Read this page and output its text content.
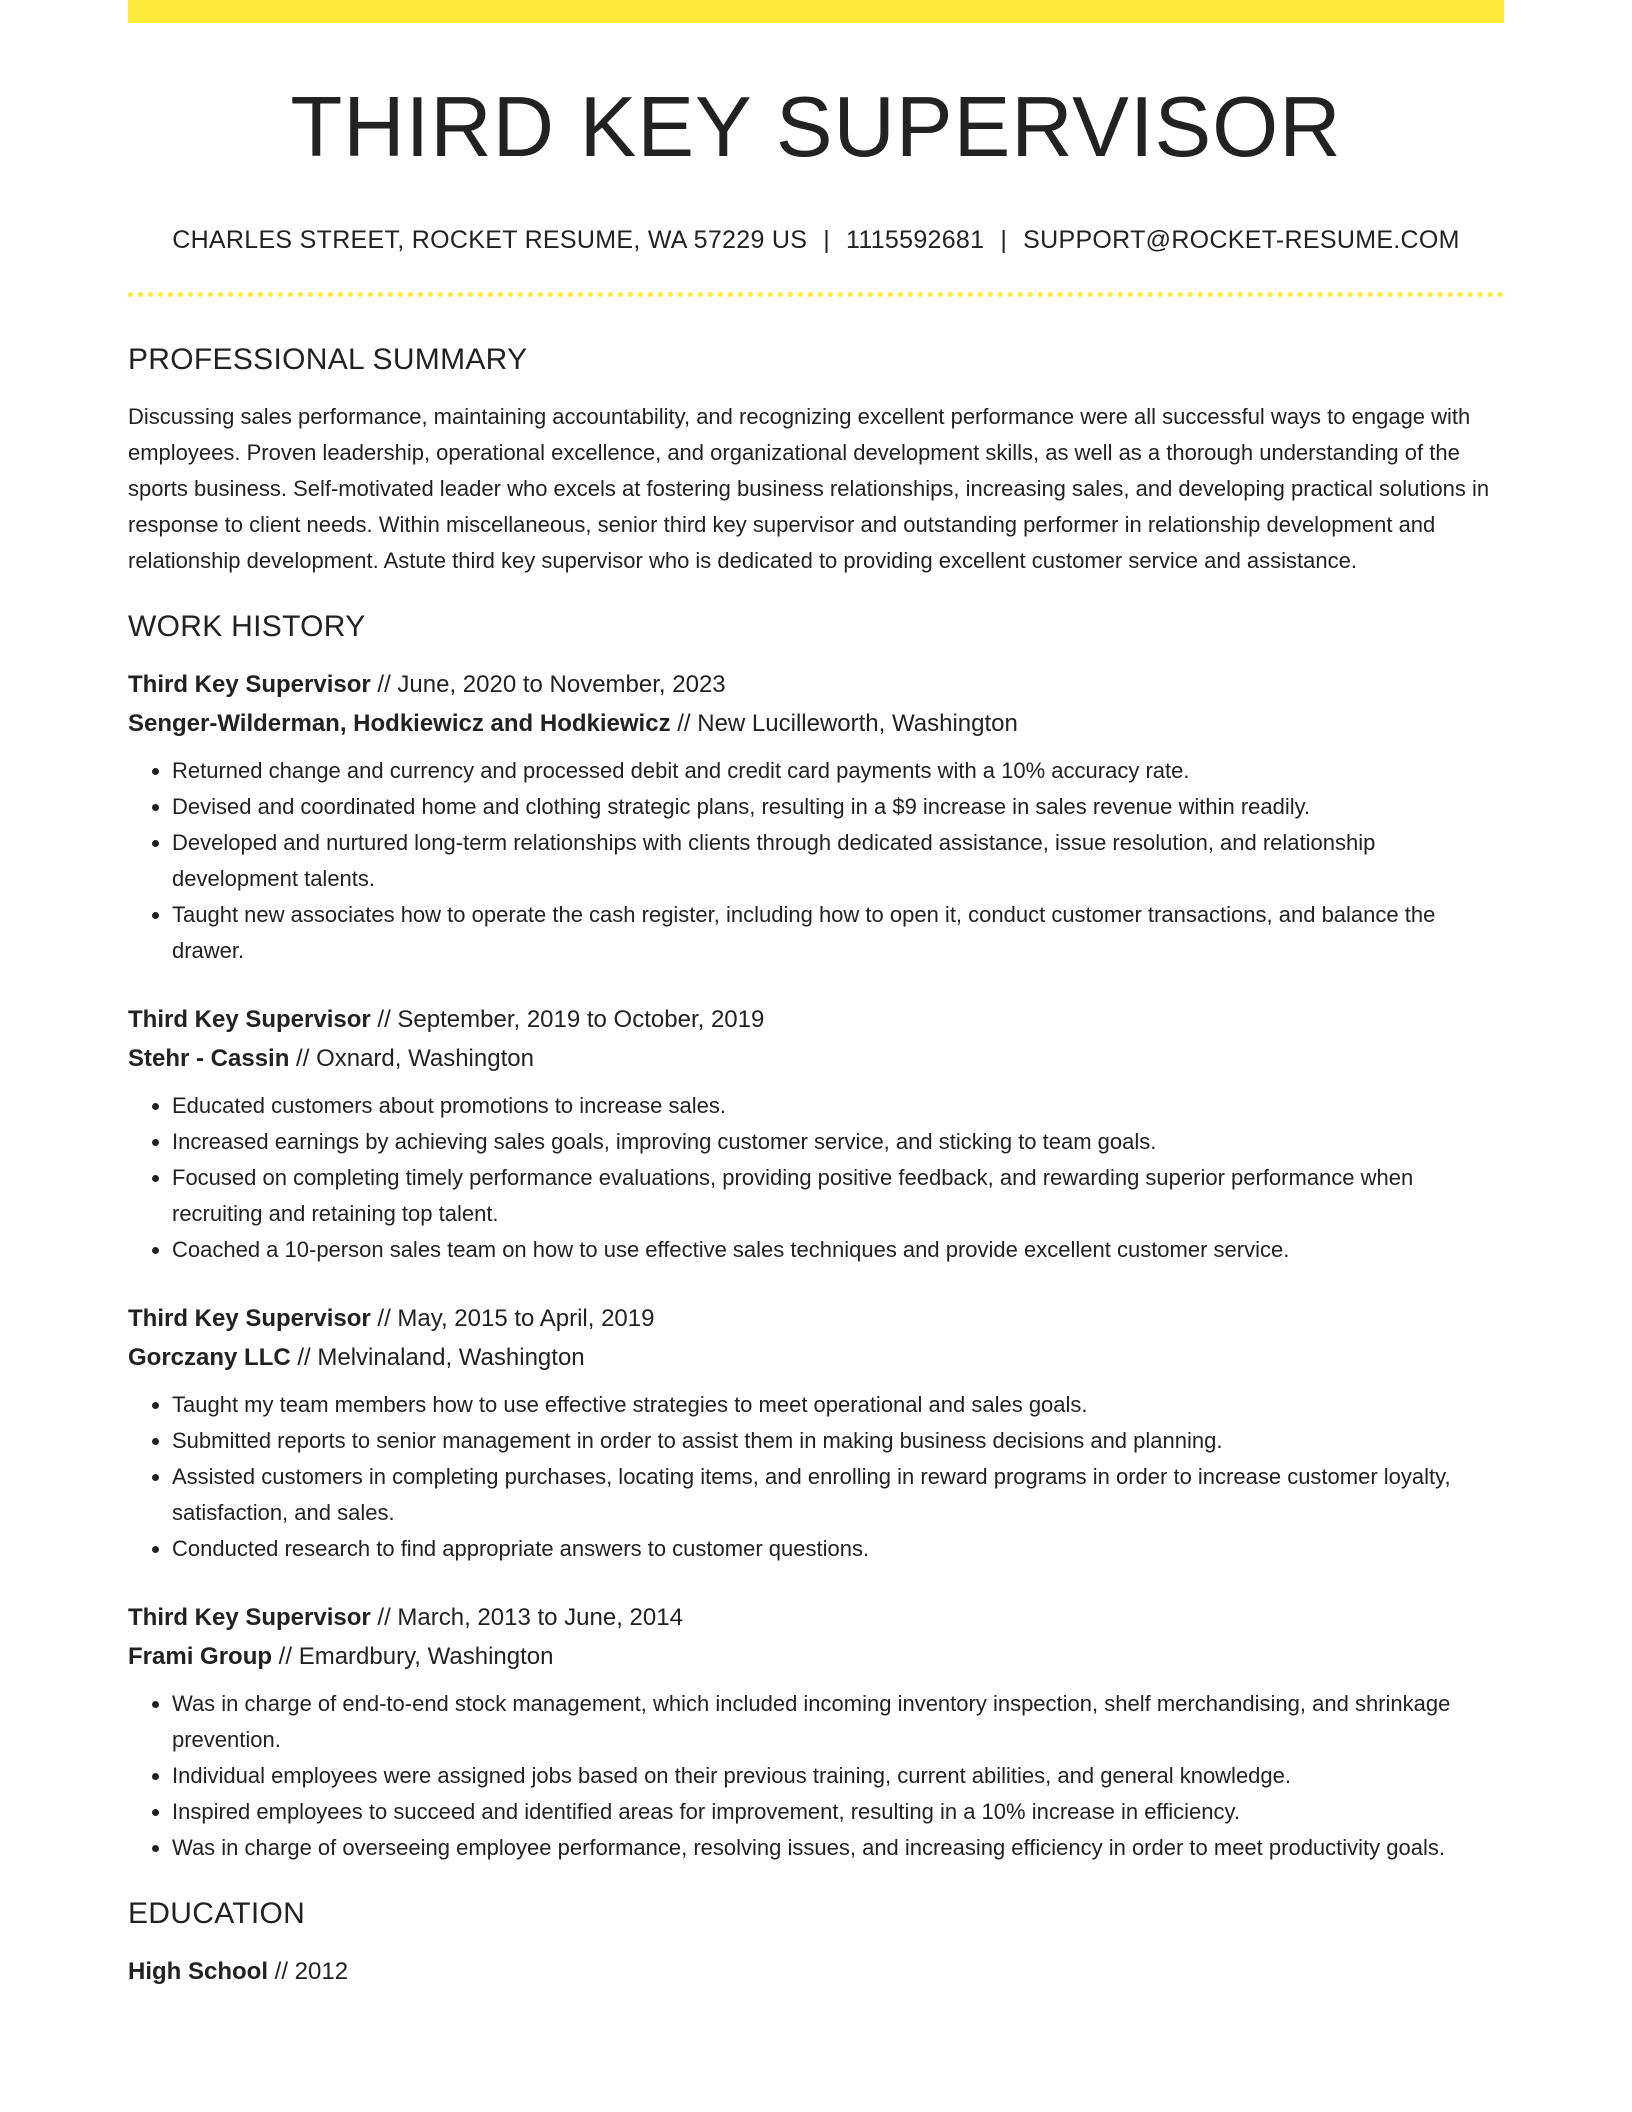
THIRD KEY SUPERVISOR
CHARLES STREET, ROCKET RESUME, WA 57229 US | 1115592681 | SUPPORT@ROCKET-RESUME.COM
PROFESSIONAL SUMMARY
Discussing sales performance, maintaining accountability, and recognizing excellent performance were all successful ways to engage with employees. Proven leadership, operational excellence, and organizational development skills, as well as a thorough understanding of the sports business. Self-motivated leader who excels at fostering business relationships, increasing sales, and developing practical solutions in response to client needs. Within miscellaneous, senior third key supervisor and outstanding performer in relationship development and relationship development. Astute third key supervisor who is dedicated to providing excellent customer service and assistance.
WORK HISTORY
Third Key Supervisor // June, 2020 to November, 2023
Senger-Wilderman, Hodkiewicz and Hodkiewicz // New Lucilleworth, Washington
• Returned change and currency and processed debit and credit card payments with a 10% accuracy rate.
• Devised and coordinated home and clothing strategic plans, resulting in a $9 increase in sales revenue within readily.
• Developed and nurtured long-term relationships with clients through dedicated assistance, issue resolution, and relationship development talents.
• Taught new associates how to operate the cash register, including how to open it, conduct customer transactions, and balance the drawer.
Third Key Supervisor // September, 2019 to October, 2019
Stehr - Cassin // Oxnard, Washington
• Educated customers about promotions to increase sales.
• Increased earnings by achieving sales goals, improving customer service, and sticking to team goals.
• Focused on completing timely performance evaluations, providing positive feedback, and rewarding superior performance when recruiting and retaining top talent.
• Coached a 10-person sales team on how to use effective sales techniques and provide excellent customer service.
Third Key Supervisor // May, 2015 to April, 2019
Gorczany LLC // Melvinaland, Washington
• Taught my team members how to use effective strategies to meet operational and sales goals.
• Submitted reports to senior management in order to assist them in making business decisions and planning.
• Assisted customers in completing purchases, locating items, and enrolling in reward programs in order to increase customer loyalty, satisfaction, and sales.
• Conducted research to find appropriate answers to customer questions.
Third Key Supervisor // March, 2013 to June, 2014
Frami Group // Emardbury, Washington
• Was in charge of end-to-end stock management, which included incoming inventory inspection, shelf merchandising, and shrinkage prevention.
• Individual employees were assigned jobs based on their previous training, current abilities, and general knowledge.
• Inspired employees to succeed and identified areas for improvement, resulting in a 10% increase in efficiency.
• Was in charge of overseeing employee performance, resolving issues, and increasing efficiency in order to meet productivity goals.
EDUCATION
High School // 2012
